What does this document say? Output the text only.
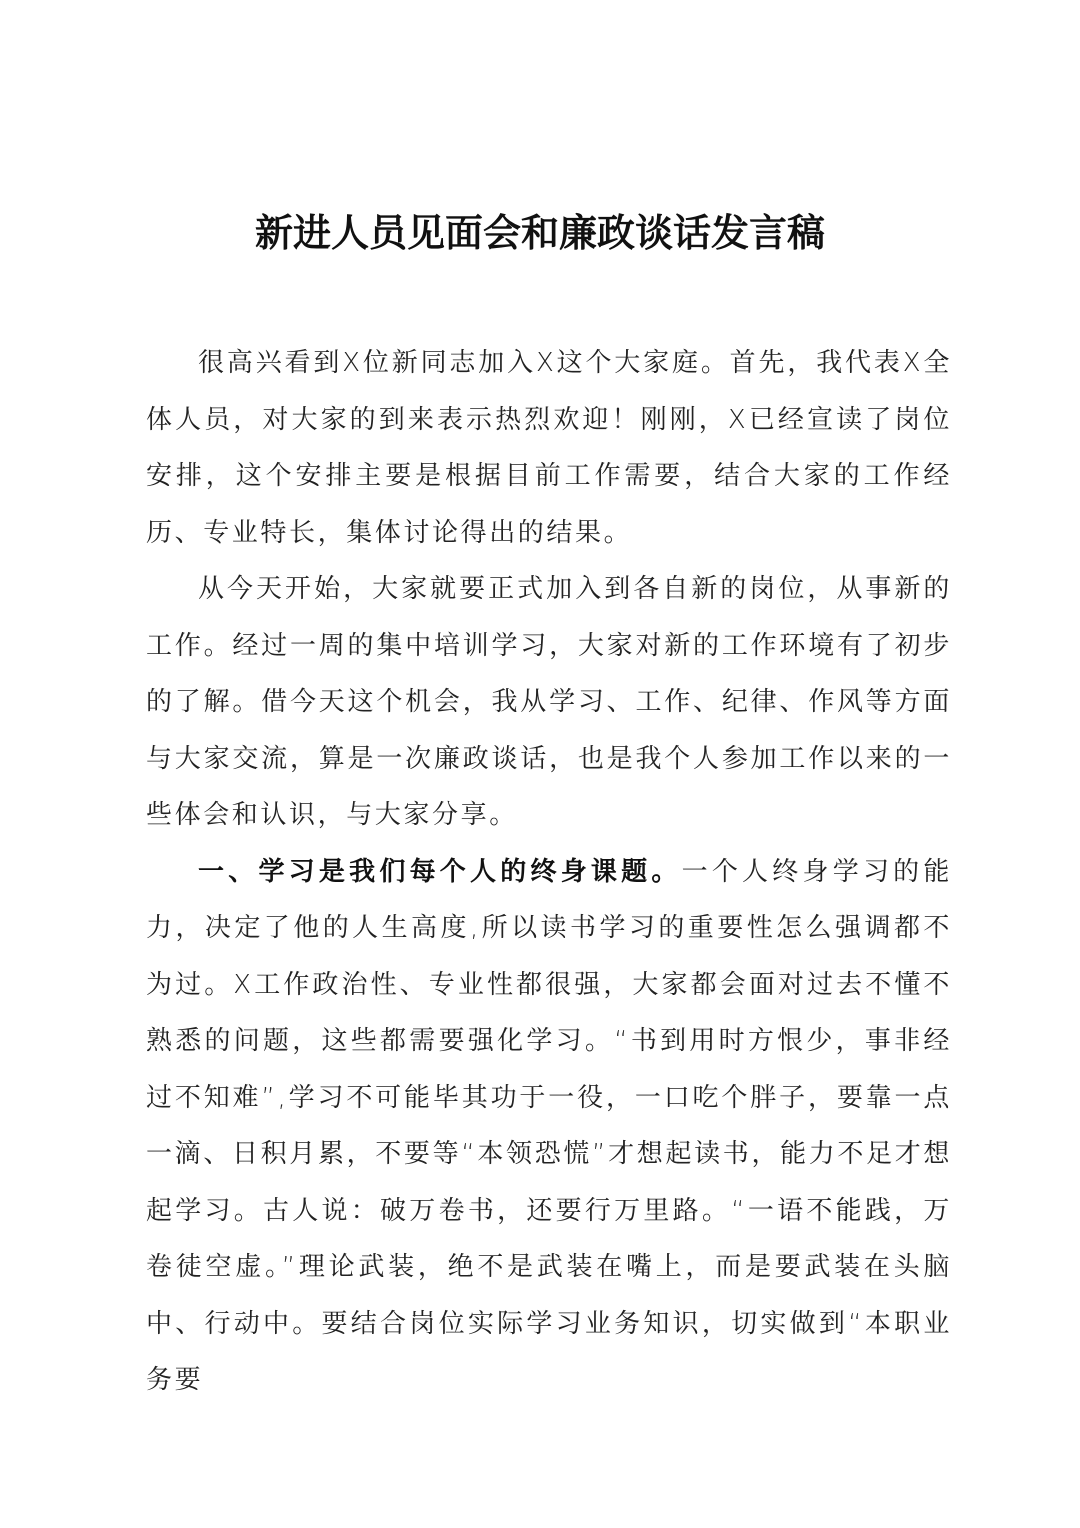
新进人员见面会和廉政谈话发言稿

很高兴看到X位新同志加入X这个大家庭。首先，我代表X全体人员，对大家的到来表示热烈欢迎！刚刚，X已经宣读了岗位安排，这个安排主要是根据目前工作需要，结合大家的工作经历、专业特长，集体讨论得出的结果。

从今天开始，大家就要正式加入到各自新的岗位，从事新的工作。经过一周的集中培训学习，大家对新的工作环境有了初步的了解。借今天这个机会，我从学习、工作、纪律、作风等方面与大家交流，算是一次廉政谈话，也是我个人参加工作以来的一些体会和认识，与大家分享。

一、学习是我们每个人的终身课题。一个人终身学习的能力，决定了他的人生高度,所以读书学习的重要性怎么强调都不为过。X工作政治性、专业性都很强，大家都会面对过去不懂不熟悉的问题，这些都需要强化学习。“书到用时方恨少，事非经过不知难”,学习不可能毕其功于一役，一口吃个胖子，要靠一点一滴、日积月累，不要等“本领恐慌”才想起读书，能力不足才想起学习。古人说：破万卷书，还要行万里路。“一语不能践，万卷徒空虚。”理论武装，绝不是武装在嘴上，而是要武装在头脑中、行动中。要结合岗位实际学习业务知识，切实做到“本职业务要
